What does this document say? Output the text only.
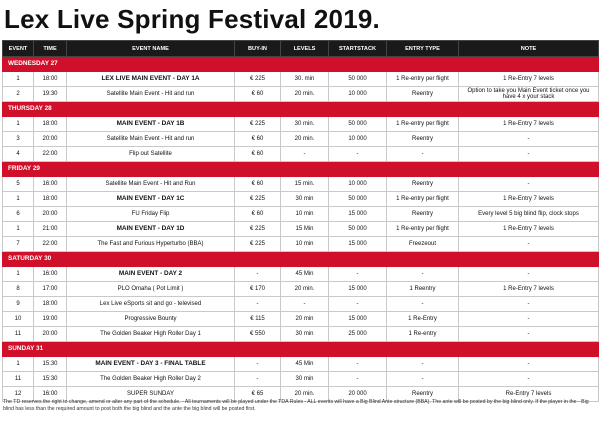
Lex Live Spring Festival 2019.
EVENT	TIME	EVENT NAME	BUY-IN	LEVELS	STARTSTACK	ENTRY TYPE	NOTE
WEDNESDAY 27							
1	18:00	LEX LIVE MAIN EVENT - DAY 1A	€ 225	30. min	50 000	1 Re-entry per flight	1 Re-Entry 7 levels
2	19:30	Satellite Main Event - Hit and run	€ 60	20 min.	10 000	Reentry	Option to take you Main Event ticket once you have 4 x your stack
THURSDAY 28							
1	18:00	MAIN EVENT - DAY 1B	€ 225	30 min.	50 000	1 Re-entry per flight	1 Re-Entry 7 levels
3	20:00	Satellite Main Event - Hit and run	€ 60	20 min.	10 000	Reentry	-
4	22:00	Flip out Satellite	€ 60	-	-	-	-
FRIDAY 29							
5	16:00	Satellite Main Event - Hit and Run	€ 60	15 min.	10 000	Reentry	-
1	18:00	MAIN EVENT - DAY 1C	€ 225	30 min	50 000	1 Re-entry per flight	1 Re-Entry 7 levels
6	20:00	FU Friday Flip	€ 60	10 min	15 000	Reentry	Every level 5 big blind flip, clock stops
1	21:00	MAIN EVENT - DAY 1D	€ 225	15 Min	50 000	1 Re-entry per flight	1 Re-Entry 7 levels
7	22:00	The Fast and Furious Hyperturbo (BBA)	€ 225	10 min	15 000	Freezeout	-
SATURDAY 30							
1	16:00	MAIN EVENT - DAY 2	-	45 Min	-	-	-
8	17:00	PLO Omaha ( Pot Limit )	€ 170	20 min.	15 000	1 Reentry	1 Re-Entry 7 levels
9	18:00	Lex Live eSports sit and go - televised	-	-	-	-	-
10	19:00	Progressive Bounty	€ 115	20 min	15 000	1 Re-Entry	-
11	20:00	The Golden Beaker High Roller Day 1	€ 550	30 min	25 000	1 Re-entry	-
SUNDAY 31							
1	15:30	MAIN EVENT - DAY 3 - FINAL TABLE	-	45 Min	-	-	-
11	15:30	The Golden Beaker High Roller Day 2	-	30 min	-	-	-
12	16:00	SUPER SUNDAY	€ 65	20 min.	20 000	Reentry	Re-Entry 7 levels
The TD reserves the right to change, amend or alter any part of the schedule. - All tournaments will be played under the TDA Rules - ALL events will have a Big Blind Ante structure (BBA). The ante will be posted by the big blind only. If the player in the - Big blind has less than the required amount to post both the big blind and the ante the big blind will be posted first.
